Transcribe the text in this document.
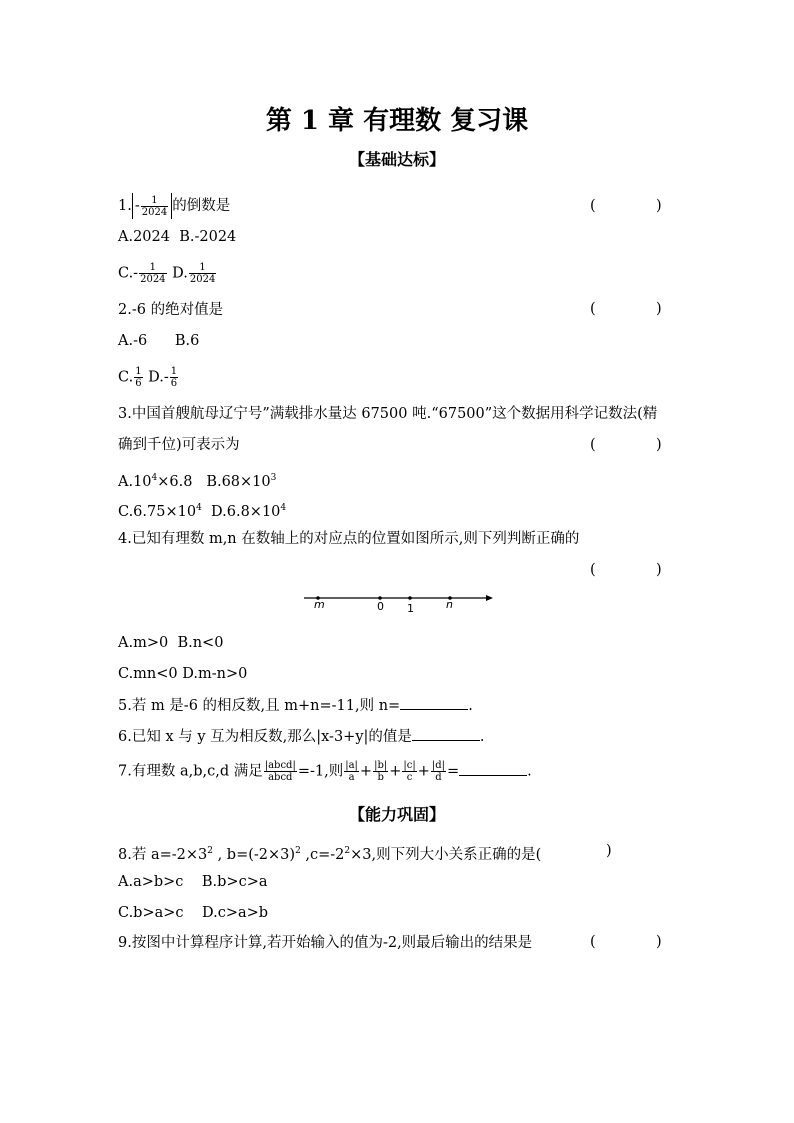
第 1 章 有理数 复习课
【基础达标】
1. - $\frac{1}{2024}$ 的倒数是	(	)
A.2024 B.-2024
$C.- \frac{1}{2024} D$. $\frac{1}{2024}$
2.-6 的绝对值是	(	)
A.-6 B.6
C. $\frac{1}{6} D.- \frac{1}{6}$
3.中国首艘航母辽宁号”满载排水量达 67500 吨.“67500”这个数据用科学记数法(精
确到千位)可表示为	(	)
$A.10^4\times 6.8$ $B.68\times 10^3$
$C.6.75\times 10^4$ $D.6.8\times 10^4$
4.已知有理数 m,n 在数轴上的对应点的位置如图所示,则下列判断正确的
(	)
m	0 1	n
A.m>0 B.n<0
C.mn<0 D.m-n>0
5.若 m 是-6 的相反数,且 m+n=-11,则 n=	.
6.已知 x 与 y 互为相反数,那么|x-3+y|的值是	.
7.有理数 a,b,c,d 满足 $\frac{\text{|abcd|}}{\text{abcd}} =-1$,则 $\frac{|a|}{a} + \frac{|b|}{b} + \frac{|c|}{c} + \frac{|d|}{d}$ =	.
【能力巩固】
8.若 $a=-2\times 3^2$ , $b=(-2\times 3)^2$ $,c=-2^2\times 3$,则下列大小关系正确的是(	)
A.a>b>c B.b>c>a
C.b>a>c D.c>a>b
9.按图中计算程序计算,若开始输入的值为-2,则最后输出的结果是	(	)
